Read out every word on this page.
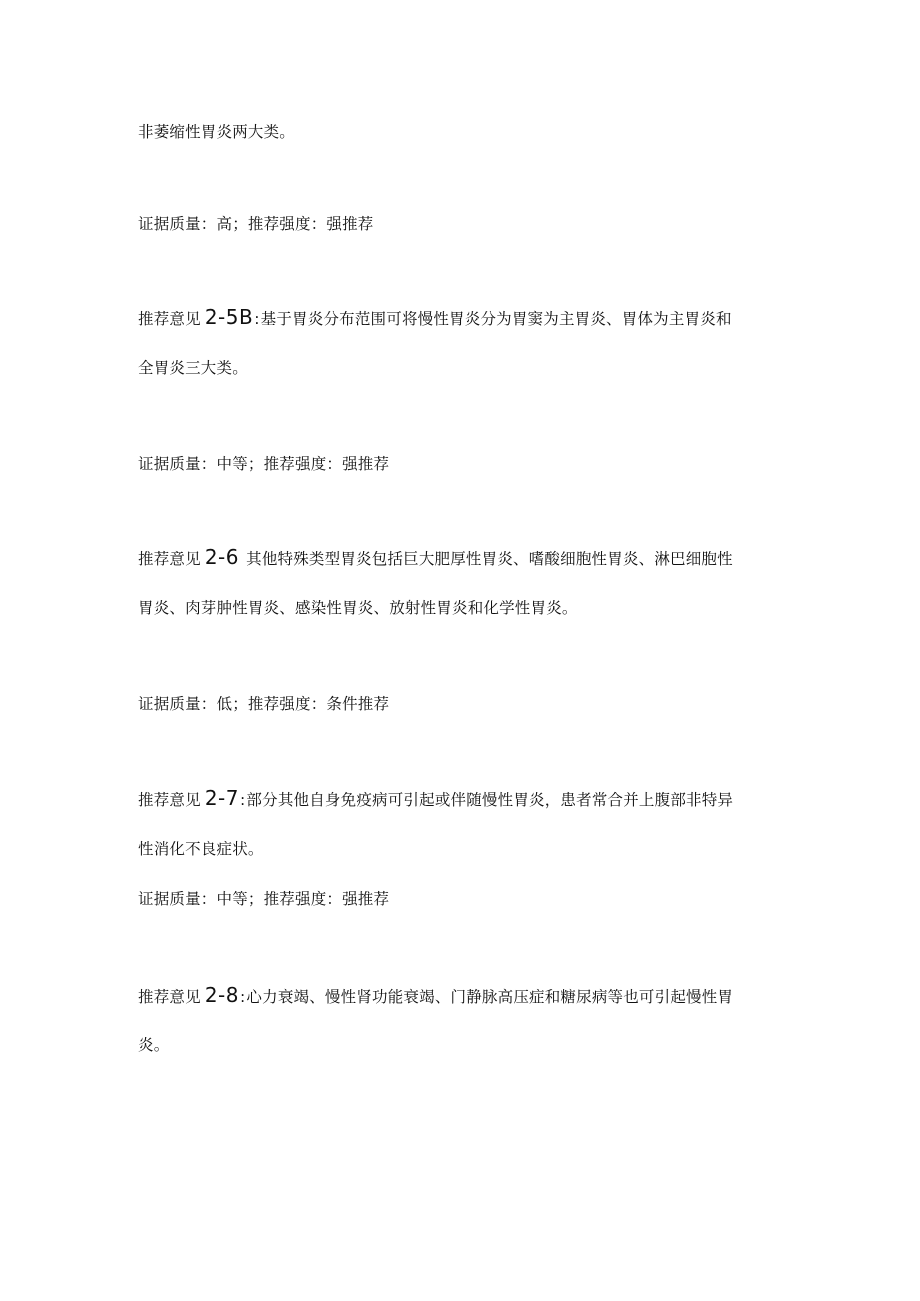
非萎缩性胃炎两大类。
证据质量：高；推荐强度：强推荐
推荐意见 2-5B:基于胃炎分布范围可将慢性胃炎分为胃窦为主胃炎、胃体为主胃炎和
全胃炎三大类。
证据质量：中等；推荐强度：强推荐
推荐意见 2-6 其他特殊类型胃炎包括巨大肥厚性胃炎、嗜酸细胞性胃炎、淋巴细胞性
胃炎、肉芽肿性胃炎、感染性胃炎、放射性胃炎和化学性胃炎。
证据质量：低；推荐强度：条件推荐
推荐意见 2-7:部分其他自身免疫病可引起或伴随慢性胃炎，患者常合并上腹部非特异
性消化不良症状。
证据质量：中等；推荐强度：强推荐
推荐意见 2-8:心力衰竭、慢性肾功能衰竭、门静脉高压症和糖尿病等也可引起慢性胃
炎。
